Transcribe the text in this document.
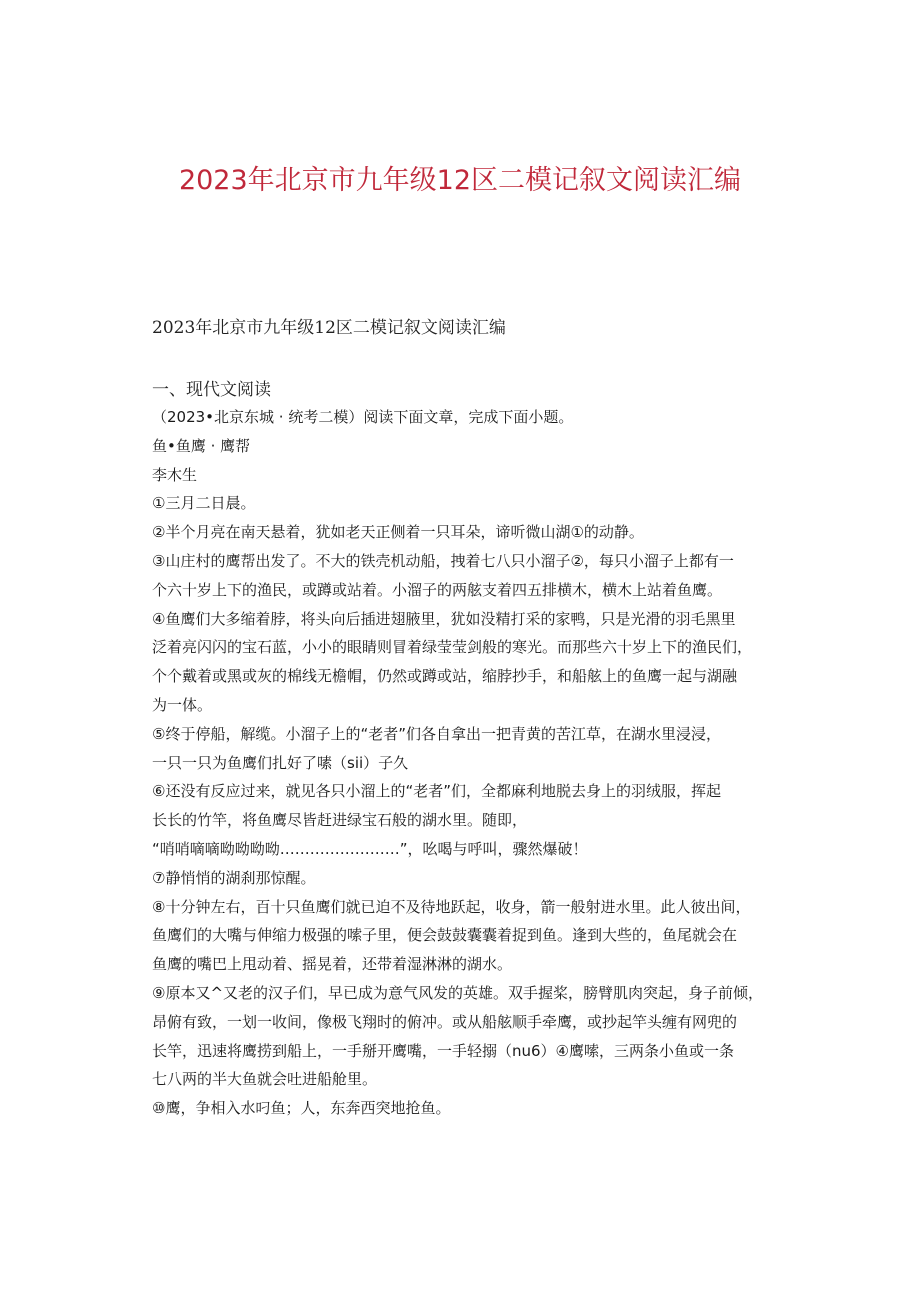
2023年北京市九年级12区二模记叙文阅读汇编
2023年北京市九年级12区二模记叙文阅读汇编
一、现代文阅读
（2023•北京东城 · 统考二模）阅读下面文章，完成下面小题。
鱼•鱼鹰 · 鹰帮
李木生
①三月二日晨。
②半个月亮在南天悬着，犹如老天正侧着一只耳朵，谛听微山湖①的动静。
③山庄村的鹰帮出发了。不大的铁壳机动船，拽着七八只小溜子②，每只小溜子上都有一
个六十岁上下的渔民，或蹲或站着。小溜子的两舷支着四五排横木，横木上站着鱼鹰。
④鱼鹰们大多缩着脖，将头向后插进翅腋里，犹如没精打采的家鸭，只是光滑的羽毛黑里
泛着亮闪闪的宝石蓝，小小的眼睛则冒着绿莹莹剑般的寒光。而那些六十岁上下的渔民们，
个个戴着或黑或灰的棉线无檐帽，仍然或蹲或站，缩脖抄手，和船舷上的鱼鹰一起与湖融
为一体。
⑤终于停船，解缆。小溜子上的“老者”们各自拿出一把青黄的苦江草，在湖水里浸浸，
一只一只为鱼鹰们扎好了嗉（sii）子久
⑥还没有反应过来，就见各只小溜上的“老者”们，全都麻利地脱去身上的羽绒服，挥起
长长的竹竿，将鱼鹰尽皆赶进绿宝石般的湖水里。随即，
“哨哨嘀嘀呦呦呦呦……………………”，吆喝与呼叫，骤然爆破！
⑦静悄悄的湖刹那惊醒。
⑧十分钟左右，百十只鱼鹰们就已迫不及待地跃起，收身，箭一般射进水里。此人彼出间，
鱼鹰们的大嘴与伸缩力极强的嗦子里，便会鼓鼓囊囊着捉到鱼。逢到大些的，鱼尾就会在
鱼鹰的嘴巴上甩动着、摇晃着，还带着湿淋淋的湖水。
⑨原本又^又老的汉子们，早已成为意气风发的英雄。双手握桨，膀臂肌肉突起，身子前倾，
昂俯有致，一划一收间，像极飞翔时的俯冲。或从船舷顺手牵鹰，或抄起竿头缠有网兜的
长竿，迅速将鹰捞到船上，一手掰开鹰嘴，一手轻搦（nu6）④鹰嗦，三两条小鱼或一条
七八两的半大鱼就会吐进船舱里。
⑩鹰，争相入水叼鱼；人，东奔西突地抢鱼。
